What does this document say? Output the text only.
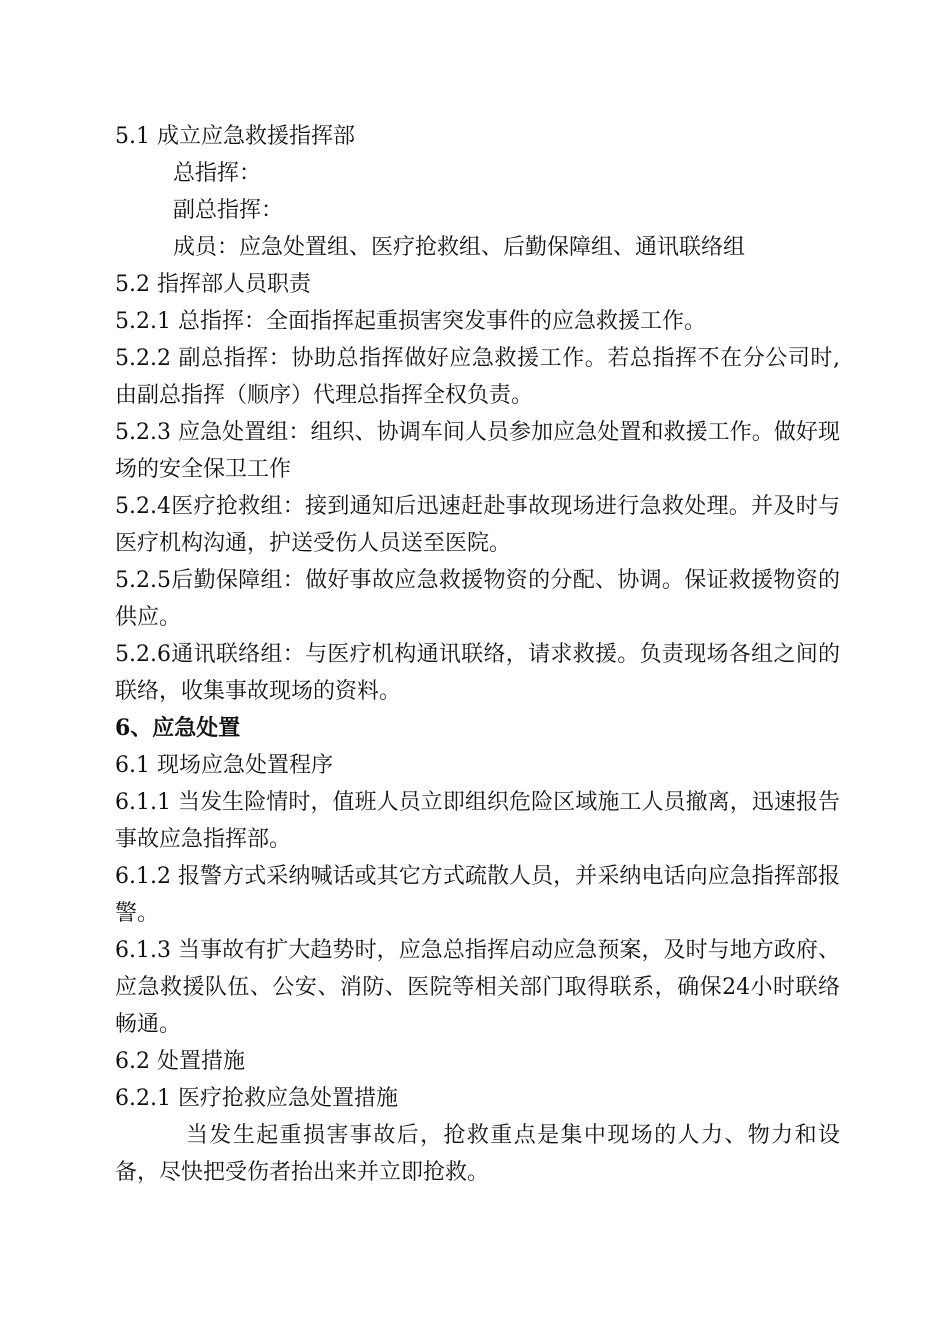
5.1 成立应急救援指挥部

总指挥：

副总指挥：

成员：应急处置组、医疗抢救组、后勤保障组、通讯联络组

5.2 指挥部人员职责

5.2.1 总指挥：全面指挥起重损害突发事件的应急救援工作。

5.2.2 副总指挥：协助总指挥做好应急救援工作。若总指挥不在分公司时,由副总指挥（顺序）代理总指挥全权负责。

5.2.3 应急处置组：组织、协调车间人员参加应急处置和救援工作。做好现场的安全保卫工作

5.2.4医疗抢救组：接到通知后迅速赶赴事故现场进行急救处理。并及时与医疗机构沟通，护送受伤人员送至医院。

5.2.5后勤保障组：做好事故应急救援物资的分配、协调。保证救援物资的供应。

5.2.6通讯联络组：与医疗机构通讯联络，请求救援。负责现场各组之间的联络，收集事故现场的资料。

6、应急处置

6.1 现场应急处置程序

6.1.1 当发生险情时，值班人员立即组织危险区域施工人员撤离，迅速报告事故应急指挥部。

6.1.2 报警方式采纳喊话或其它方式疏散人员，并采纳电话向应急指挥部报警。

6.1.3 当事故有扩大趋势时，应急总指挥启动应急预案，及时与地方政府、应急救援队伍、公安、消防、医院等相关部门取得联系，确保24小时联络畅通。

6.2 处置措施

6.2.1 医疗抢救应急处置措施

当发生起重损害事故后，抢救重点是集中现场的人力、物力和设备，尽快把受伤者抬出来并立即抢救。
